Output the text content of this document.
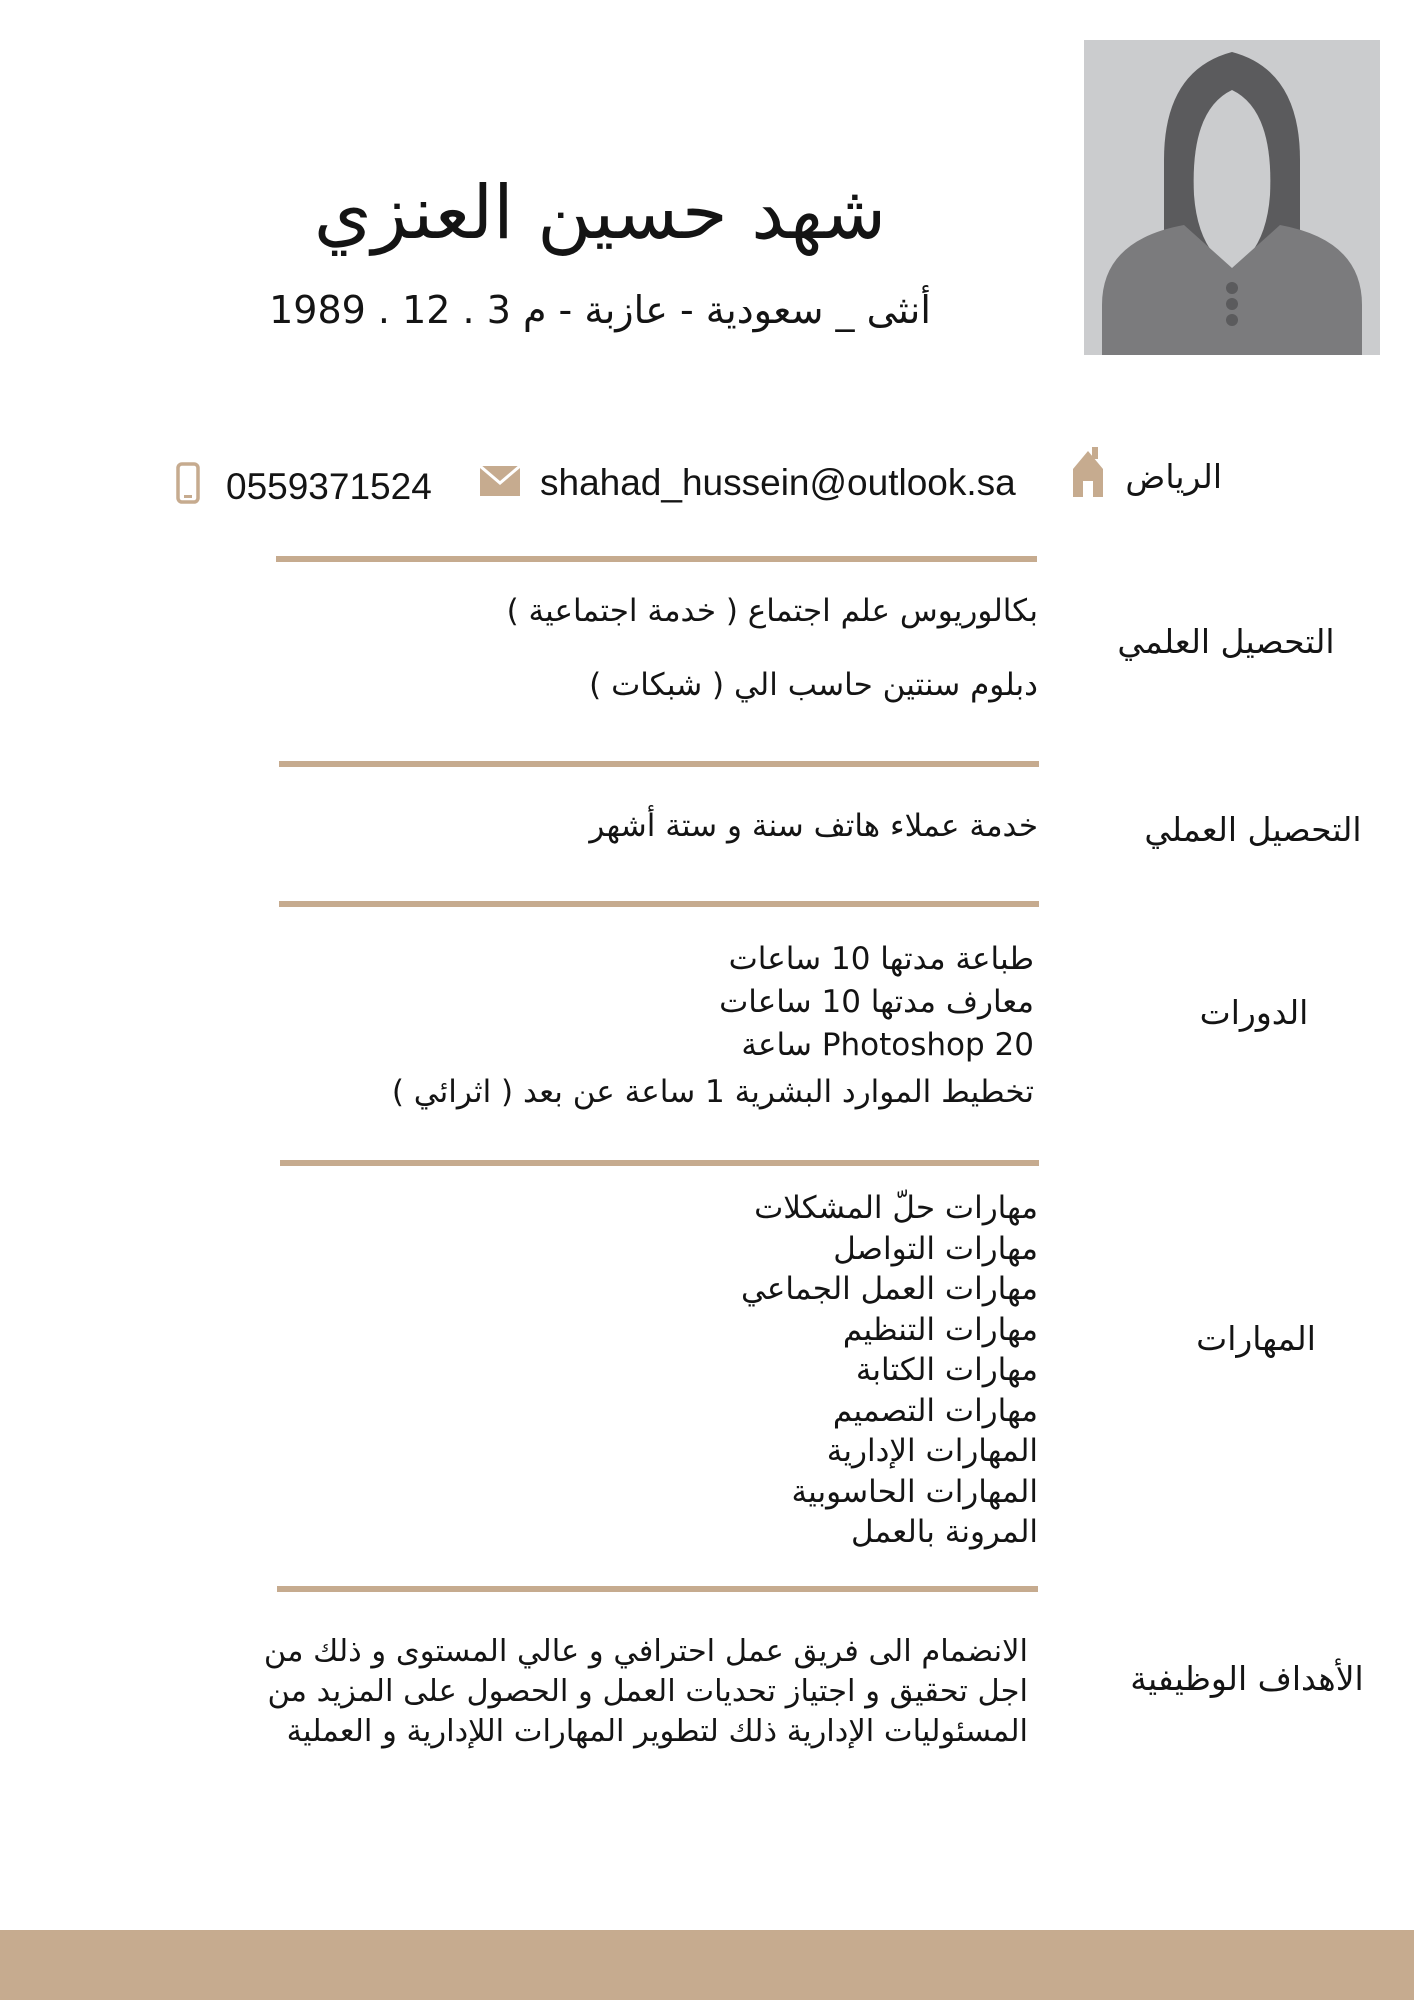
شهد حسين العنزي
أنثى _ سعودية - عازبة - م 3 . 12 . 1989
الرياض
shahad_hussein@outlook.sa
0559371524
التحصيل العلمي
بكالوريوس علم اجتماع ( خدمة اجتماعية )
دبلوم سنتين حاسب الي ( شبكات )
التحصيل العملي
خدمة عملاء هاتف سنة و ستة أشهر
الدورات
طباعة مدتها 10 ساعات
معارف مدتها 10 ساعات
Photoshop 20 ساعة
تخطيط الموارد البشرية 1 ساعة عن بعد ( اثرائي )
المهارات
مهارات حلّ المشكلات
مهارات التواصل
مهارات العمل الجماعي
مهارات التنظيم
مهارات الكتابة
مهارات التصميم
المهارات الإدارية
المهارات الحاسوبية
المرونة بالعمل
الأهداف الوظيفية
الانضمام الى فريق عمل احترافي و عالي المستوى و ذلك من
اجل تحقيق و اجتياز تحديات العمل و الحصول على المزيد من
المسئوليات الإدارية ذلك لتطوير المهارات اللإدارية و العملية
